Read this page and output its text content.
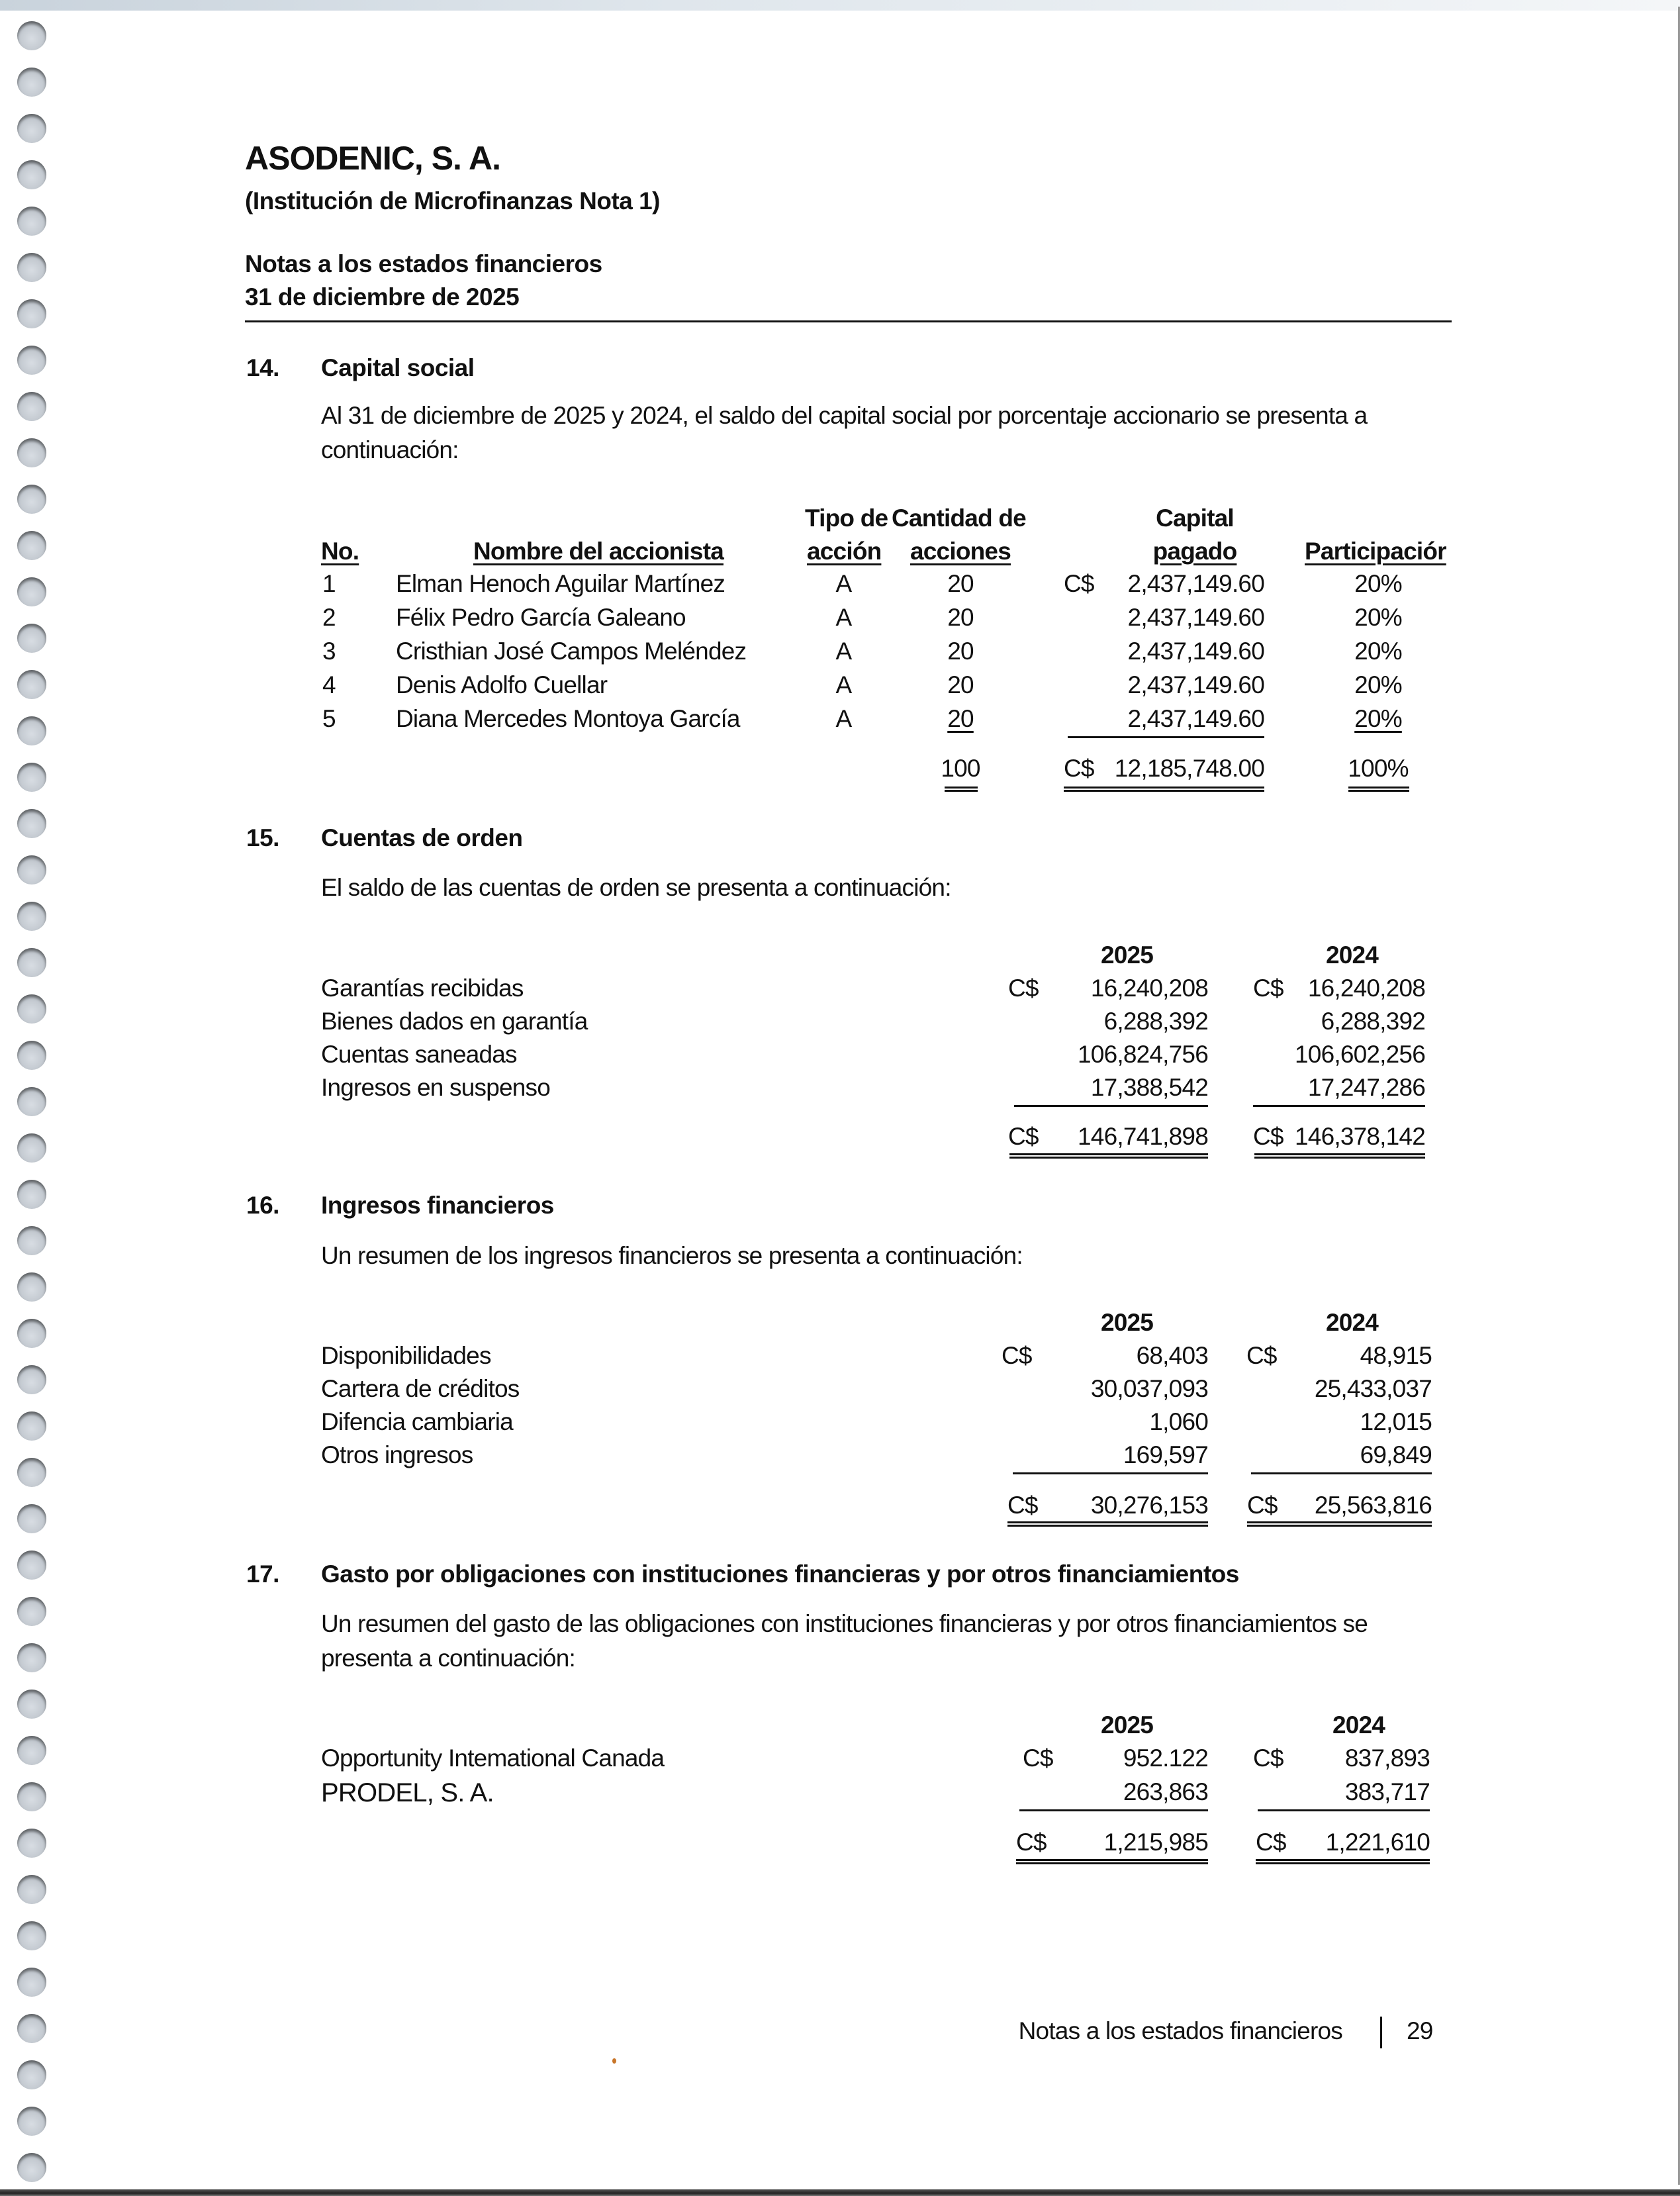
ASODENIC, S. A.
(Institución de Microfinanzas Nota 1)
Notas a los estados financieros
31 de diciembre de 2025
14. Capital social
Al 31 de diciembre de 2025 y 2024, el saldo del capital social por porcentaje accionario se presenta a
continuación:
Tipo de Cantidad de	Capital
No.	Nombre del accionista	acción acciones	pagado	Participaciór
1 Elman Henoch Aguilar Martínez	A	20	C$	2,437,149.60	20%
2 Félix Pedro García Galeano	A	20	2,437,149.60	20%
3 Cristhian José Campos Meléndez	A	20	2,437,149.60	20%
4 Denis Adolfo Cuellar	A	20	2,437,149.60	20%
5 Diana Mercedes Montoya García	A	20	2,437,149.60	20%
100	C$ 12,185,748.00	100%
15. Cuentas de orden
El saldo de las cuentas de orden se presenta a continuación:
2025	2024
Garantías recibidas	C$	16,240,208 C$	16,240,208
Bienes dados en garantía	6,288,392	6,288,392
Cuentas saneadas	106,824,756	106,602,256
Ingresos en suspenso	17,388,542	17,247,286
C$	146,741,898 C$ 146,378,142
16. Ingresos financieros
Un resumen de los ingresos financieros se presenta a continuación:
2025	2024
Disponibilidades	C$	68,403 C$	48,915
Cartera de créditos	30,037,093	25,433,037
Difencia cambiaria	1,060	12,015
Otros ingresos	169,597	69,849
C$	30,276,153 C$	25,563,816
17. Gasto por obligaciones con instituciones financieras y por otros financiamientos
Un resumen del gasto de las obligaciones con instituciones financieras y por otros financiamientos se
presenta a continuación:
2025	2024
Opportunity Intemational Canada	C$	952.122 C$	837,893
PRODEL, S. A.	263,863	383,717
C$	1,215,985 C$	1,221,610
Notas a los estados financieros	29
